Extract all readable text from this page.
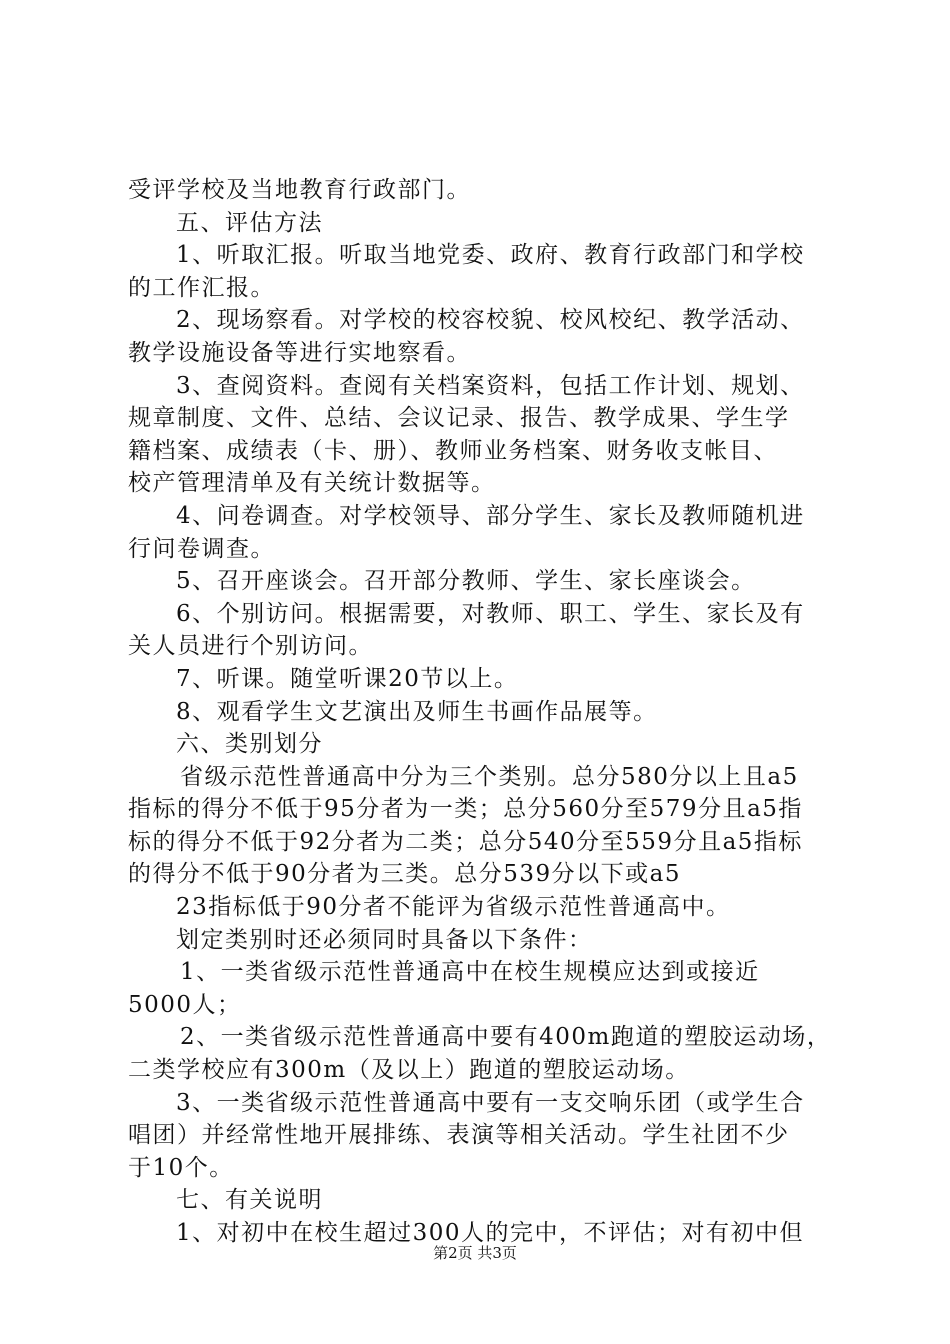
受评学校及当地教育行政部门。
五、评估方法
1、听取汇报。听取当地党委、政府、教育行政部门和学校
的工作汇报。
2、现场察看。对学校的校容校貌、校风校纪、教学活动、
教学设施设备等进行实地察看。
3、查阅资料。查阅有关档案资料，包括工作计划、规划、
规章制度、文件、总结、会议记录、报告、教学成果、学生学
籍档案、成绩表（卡、册）、教师业务档案、财务收支帐目、
校产管理清单及有关统计数据等。
4、问卷调查。对学校领导、部分学生、家长及教师随机进
行问卷调查。
5、召开座谈会。召开部分教师、学生、家长座谈会。
6、个别访问。根据需要，对教师、职工、学生、家长及有
关人员进行个别访问。
7、听课。随堂听课20节以上。
8、观看学生文艺演出及师生书画作品展等。
六、类别划分
省级示范性普通高中分为三个类别。总分580分以上且a5
指标的得分不低于95分者为一类；总分560分至579分且a5指
标的得分不低于92分者为二类；总分540分至559分且a5指标
的得分不低于90分者为三类。总分539分以下或a5
23指标低于90分者不能评为省级示范性普通高中。
划定类别时还必须同时具备以下条件：
1、一类省级示范性普通高中在校生规模应达到或接近
5000人；
2、一类省级示范性普通高中要有400m跑道的塑胶运动场，
二类学校应有300m（及以上）跑道的塑胶运动场。
3、一类省级示范性普通高中要有一支交响乐团（或学生合
唱团）并经常性地开展排练、表演等相关活动。学生社团不少
于10个。
七、有关说明
1、对初中在校生超过300人的完中，不评估；对有初中但
第2页 共3页
